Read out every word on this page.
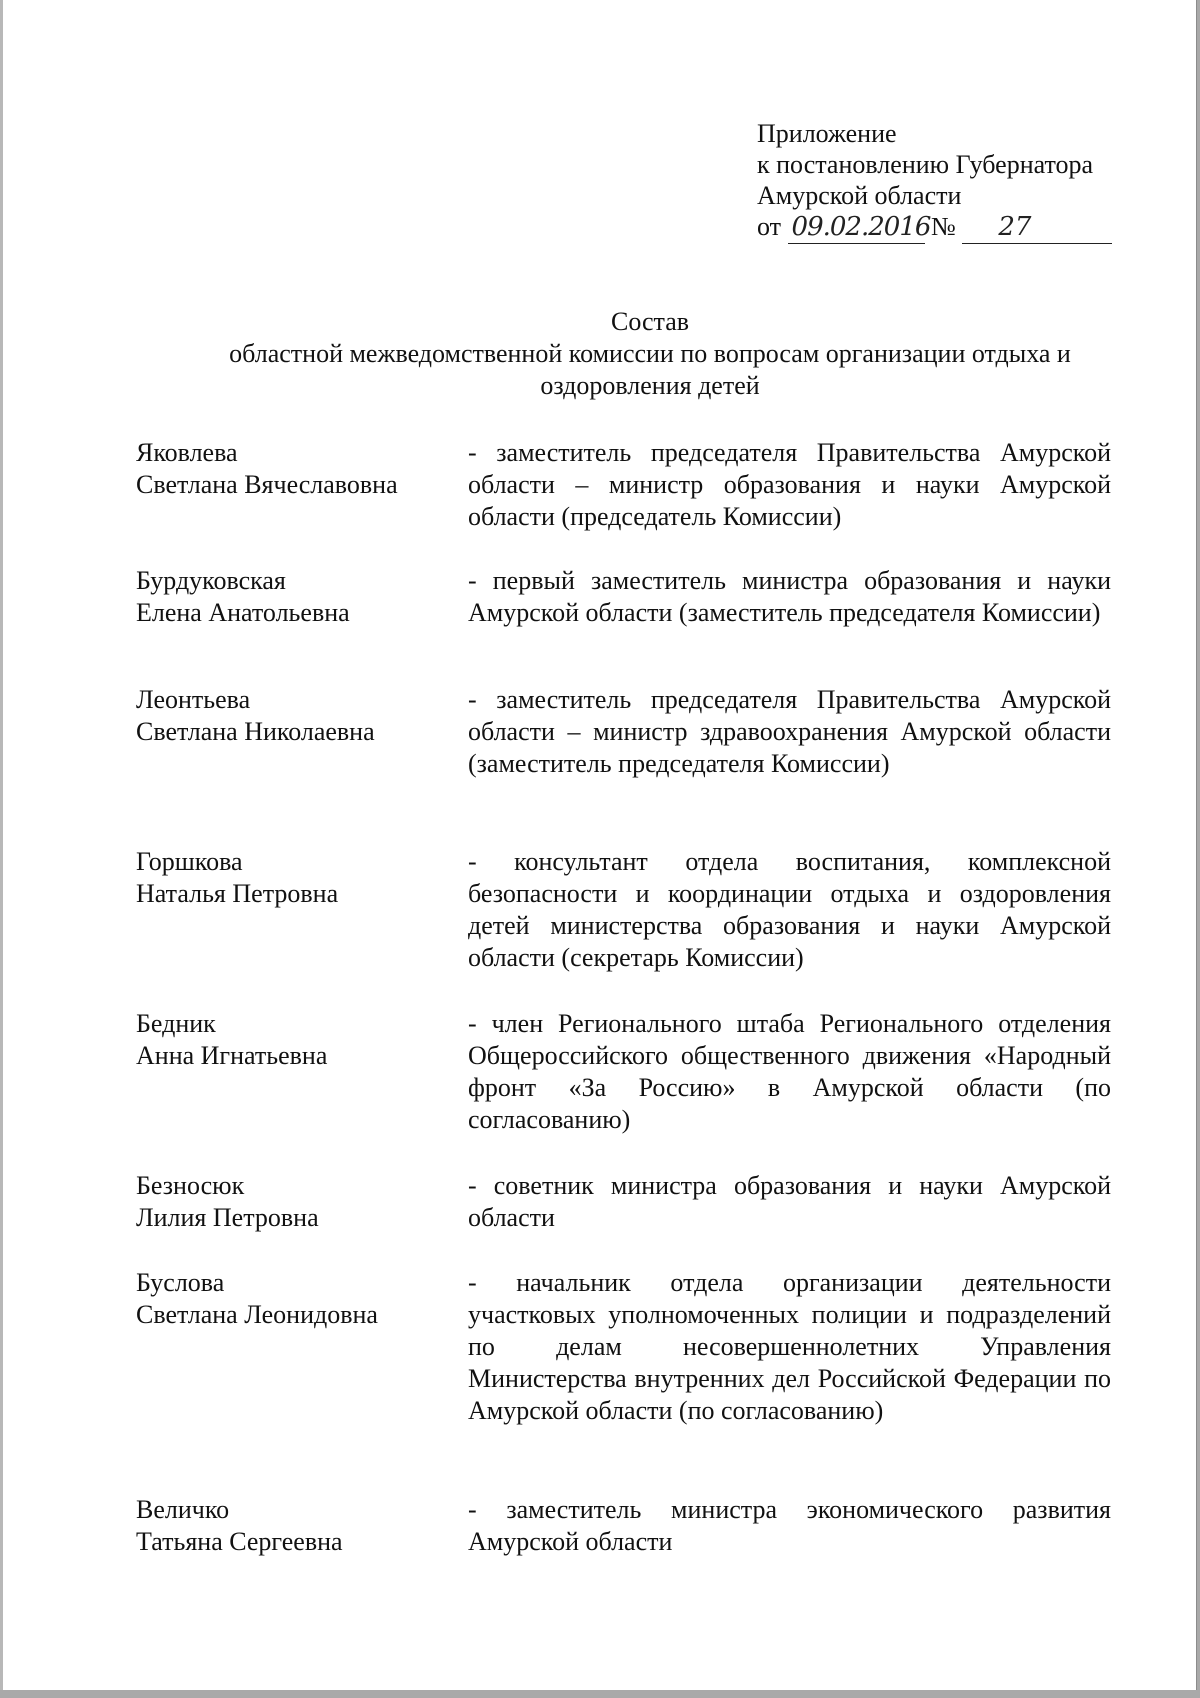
Приложение
к постановлению Губернатора
Амурской области
от 09.02.2016 № 27
Состав
областной межведомственной комиссии по вопросам организации отдыха и
оздоровления детей
Яковлева
Светлана Вячеславовна
- заместитель председателя Правительства Амурской области – министр образования и науки Амурской области (председатель Комиссии)
Бурдуковская
Елена Анатольевна
- первый заместитель министра образования и науки Амурской области (заместитель председателя Комиссии)
Леонтьева
Светлана Николаевна
- заместитель председателя Правительства Амурской области – министр здравоохранения Амурской области (заместитель председателя Комиссии)
Горшкова
Наталья Петровна
- консультант отдела воспитания, комплексной безопасности и координации отдыха и оздоровления детей министерства образования и науки Амурской области (секретарь Комиссии)
Бедник
Анна Игнатьевна
- член Регионального штаба Регионального отделения Общероссийского общественного движения «Народный фронт «За Россию» в Амурской области (по согласованию)
Безносюк
Лилия Петровна
- советник министра образования и науки Амурской области
Буслова
Светлана Леонидовна
- начальник отдела организации деятельности участковых уполномоченных полиции и подразделений по делам несовершеннолетних Управления Министерства внутренних дел Российской Федерации по Амурской области (по согласованию)
Величко
Татьяна Сергеевна
- заместитель министра экономического развития Амурской области
